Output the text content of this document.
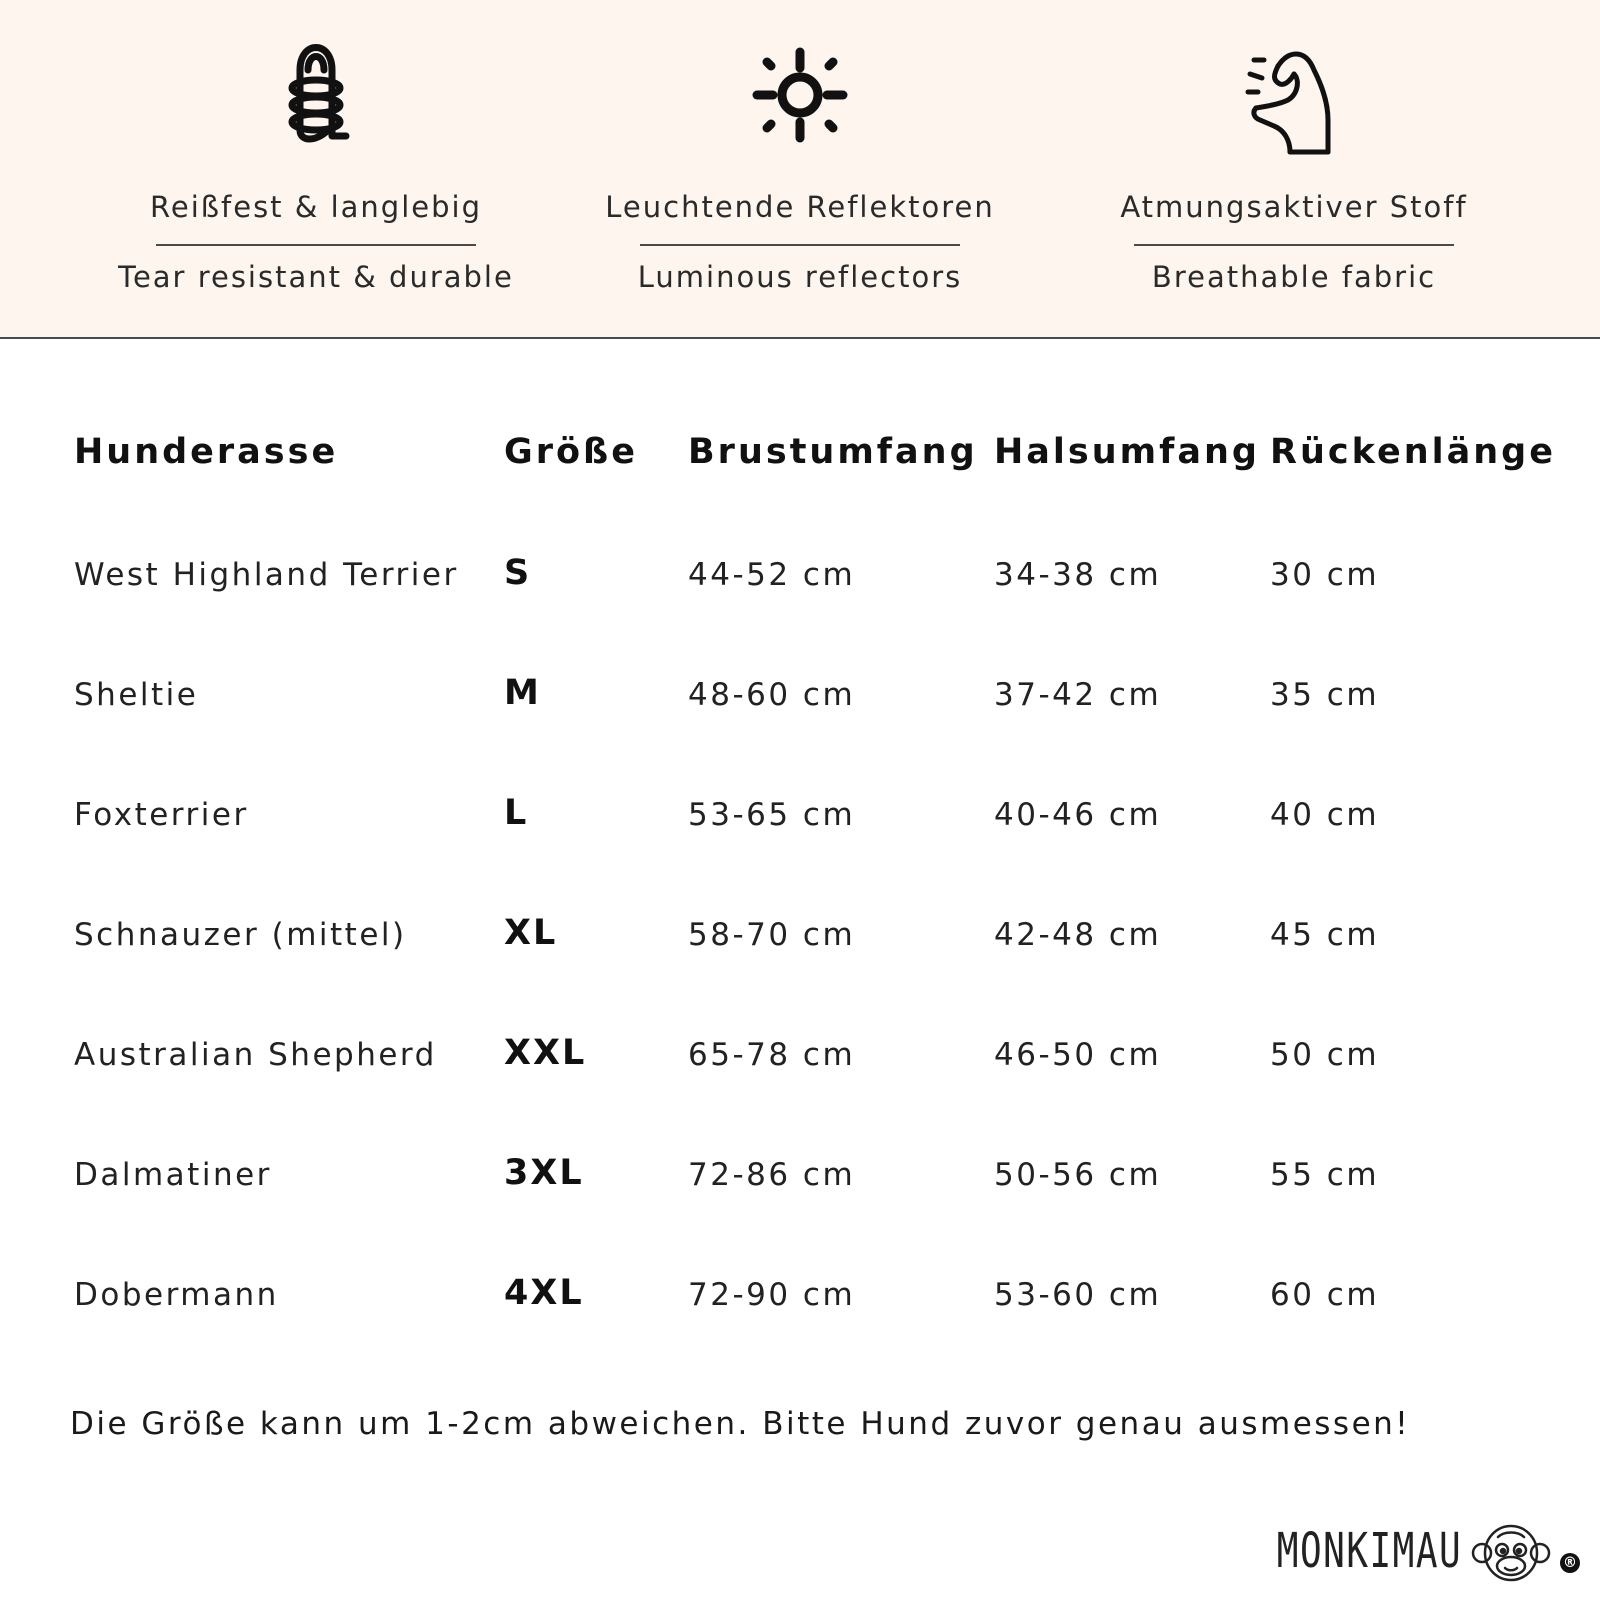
Reißfest & langlebig
Tear resistant & durable
Leuchtende Reflektoren
Luminous reflectors
Atmungsaktiver Stoff
Breathable fabric
Hunderasse	Größe Brustumfang Halsumfang Rückenlänge
West Highland Terrier S	44-52 cm	34-38 cm	30 cm
Sheltie	M	48-60 cm	37-42 cm	35 cm
Foxterrier	L	53-65 cm	40-46 cm	40 cm
Schnauzer (mittel)	XL	58-70 cm	42-48 cm	45 cm
Australian Shepherd XXL	65-78 cm	46-50 cm	50 cm
Dalmatiner	3XL	72-86 cm	50-56 cm	55 cm
Dobermann	4XL	72-90 cm	53-60 cm	60 cm
Die Größe kann um 1-2cm abweichen. Bitte Hund zuvor genau ausmessen!
MONKIMAU	®
